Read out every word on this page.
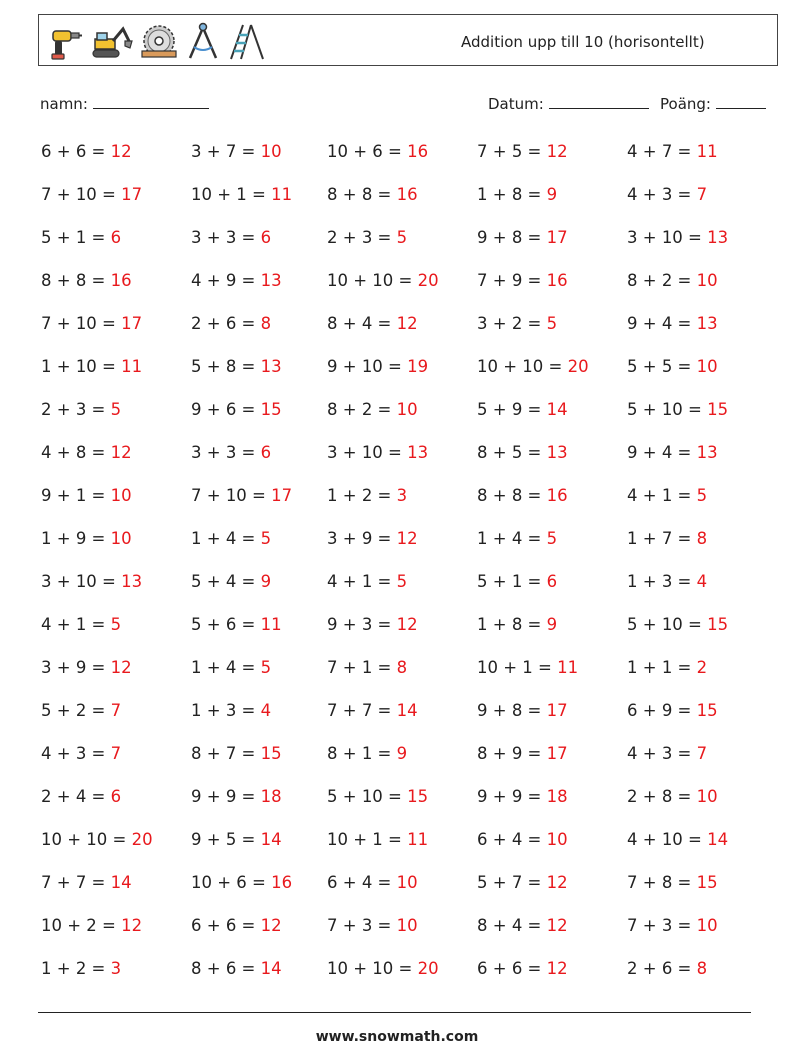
Addition upp till 10 (horisontellt)
namn:	Datum:	Poäng:
6 + 6 = 12	3 + 7 = 10	10 + 6 = 16	7 + 5 = 12	4 + 7 = 11
7 + 10 = 17	10 + 1 = 11 8 + 8 = 16	1 + 8 = 9	4 + 3 = 7
5 + 1 = 6	3 + 3 = 6	2 + 3 = 5	9 + 8 = 17	3 + 10 = 13
8 + 8 = 16	4 + 9 = 13	10 + 10 = 20 7 + 9 = 16	8 + 2 = 10
7 + 10 = 17	2 + 6 = 8	8 + 4 = 12	3 + 2 = 5	9 + 4 = 13
1 + 10 = 11	5 + 8 = 13	9 + 10 = 19	10 + 10 = 20 5 + 5 = 10
2 + 3 = 5	9 + 6 = 15	8 + 2 = 10	5 + 9 = 14	5 + 10 = 15
4 + 8 = 12	3 + 3 = 6	3 + 10 = 13	8 + 5 = 13	9 + 4 = 13
9 + 1 = 10	7 + 10 = 17 1 + 2 = 3	8 + 8 = 16	4 + 1 = 5
1 + 9 = 10	1 + 4 = 5	3 + 9 = 12	1 + 4 = 5	1 + 7 = 8
3 + 10 = 13	5 + 4 = 9	4 + 1 = 5	5 + 1 = 6	1 + 3 = 4
4 + 1 = 5	5 + 6 = 11	9 + 3 = 12	1 + 8 = 9	5 + 10 = 15
3 + 9 = 12	1 + 4 = 5	7 + 1 = 8	10 + 1 = 11	1 + 1 = 2
5 + 2 = 7	1 + 3 = 4	7 + 7 = 14	9 + 8 = 17	6 + 9 = 15
4 + 3 = 7	8 + 7 = 15	8 + 1 = 9	8 + 9 = 17	4 + 3 = 7
2 + 4 = 6	9 + 9 = 18	5 + 10 = 15	9 + 9 = 18	2 + 8 = 10
10 + 10 = 20 9 + 5 = 14	10 + 1 = 11	6 + 4 = 10	4 + 10 = 14
7 + 7 = 14	10 + 6 = 16 6 + 4 = 10	5 + 7 = 12	7 + 8 = 15
10 + 2 = 12	6 + 6 = 12	7 + 3 = 10	8 + 4 = 12	7 + 3 = 10
1 + 2 = 3	8 + 6 = 14	10 + 10 = 20 6 + 6 = 12	2 + 6 = 8
www.snowmath.com
